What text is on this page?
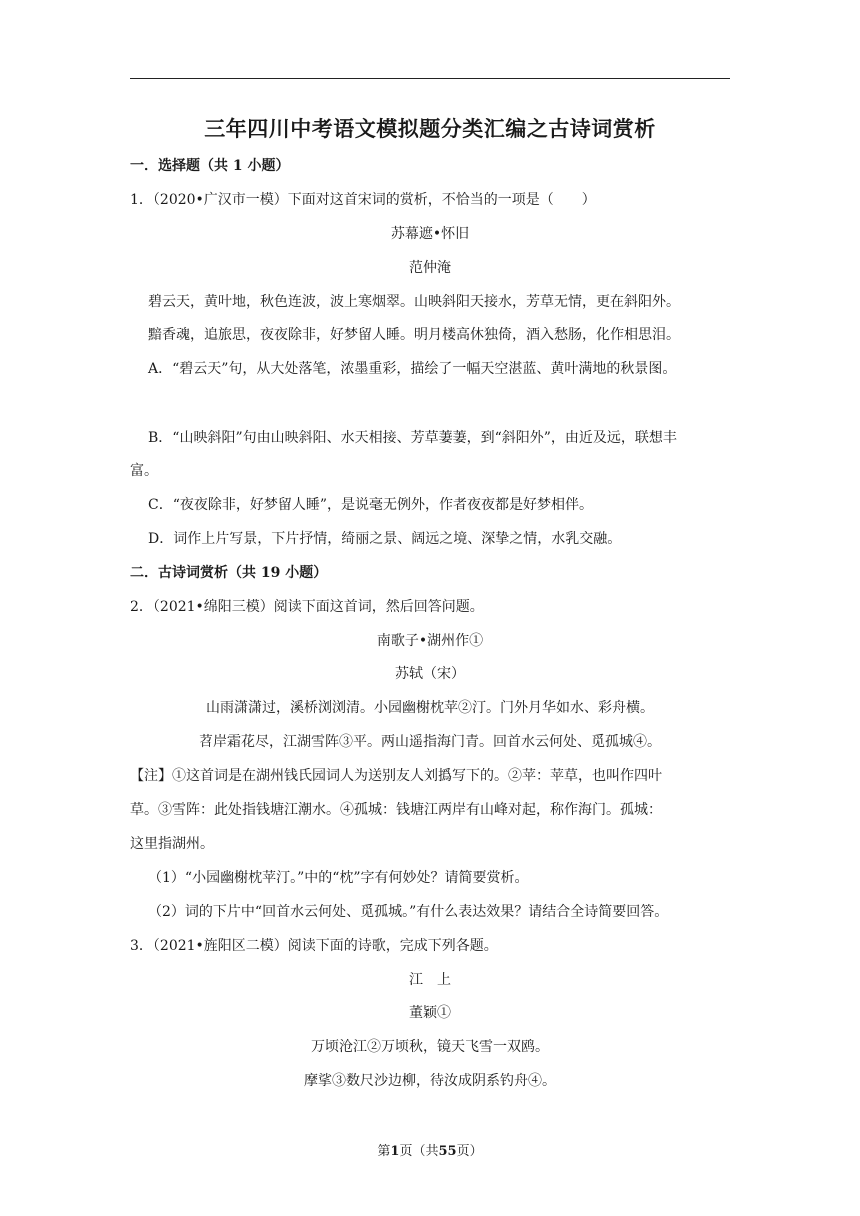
三年四川中考语文模拟题分类汇编之古诗词赏析
一．选择题（共 1 小题）
1．（2020•广汉市一模）下面对这首宋词的赏析，不恰当的一项是（　　）
苏幕遮•怀旧
范仲淹
碧云天，黄叶地，秋色连波，波上寒烟翠。山映斜阳天接水，芳草无情，更在斜阳外。
黯香魂，追旅思，夜夜除非，好梦留人睡。明月楼高休独倚，酒入愁肠，化作相思泪。
A．“碧云天”句，从大处落笔，浓墨重彩，描绘了一幅天空湛蓝、黄叶满地的秋景图。
B．“山映斜阳”句由山映斜阳、水天相接、芳草萋萋，到“斜阳外”，由近及远，联想丰
富。
C．“夜夜除非，好梦留人睡”，是说毫无例外，作者夜夜都是好梦相伴。
D．词作上片写景，下片抒情，绮丽之景、阔远之境、深挚之情，水乳交融。
二．古诗词赏析（共 19 小题）
2．（2021•绵阳三模）阅读下面这首词，然后回答问题。
南歌子•湖州作①
苏轼（宋）
山雨潇潇过，溪桥浏浏清。小园幽榭枕苹②汀。门外月华如水、彩舟横。
苕岸霜花尽，江湖雪阵③平。两山遥指海门青。回首水云何处、觅孤城④。
【注】①这首词是在湖州钱氏园词人为送别友人刘撝写下的。②苹：苹草，也叫作四叶
草。③雪阵：此处指钱塘江潮水。④孤城：钱塘江两岸有山峰对起，称作海门。孤城：
这里指湖州。
（1）“小园幽榭枕苹汀。”中的“枕”字有何妙处？请简要赏析。
（2）词的下片中“回首水云何处、觅孤城。”有什么表达效果？请结合全诗简要回答。
3．（2021•旌阳区二模）阅读下面的诗歌，完成下列各题。
江　上
董颖①
万顷沧江②万顷秋，镜天飞雪一双鸥。
摩挲③数尺沙边柳，待汝成阴系钓舟④。
第1页（共55页）
